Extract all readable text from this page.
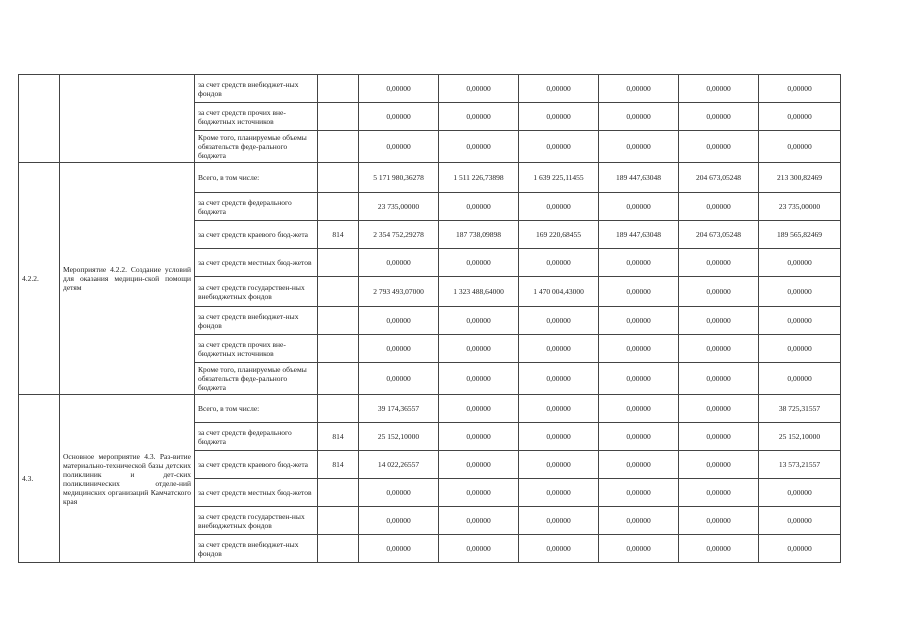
		за счет средств внебюджет-ных фондов		0,00000	0,00000	0,00000	0,00000	0,00000	0,00000
		за счет средств прочих вне-бюджетных источников		0,00000	0,00000	0,00000	0,00000	0,00000	0,00000
		Кроме того, планируемые объемы обязательств феде-рального бюджета		0,00000	0,00000	0,00000	0,00000	0,00000	0,00000
4.2.2.	Мероприятие 4.2.2. Создание условий для оказания медицин-ской помощи детям	Всего, в том числе:		5 171 980,36278	1 511 226,73898	1 639 225,11455	189 447,63048	204 673,05248	213 300,82469
		за счет средств федерального бюджета		23 735,00000	0,00000	0,00000	0,00000	0,00000	23 735,00000
		за счет средств краевого бюд-жета	814	2 354 752,29278	187 738,09898	169 220,68455	189 447,63048	204 673,05248	189 565,82469
		за счет средств местных бюд-жетов		0,00000	0,00000	0,00000	0,00000	0,00000	0,00000
		за счет средств государствен-ных внебюджетных фондов		2 793 493,07000	1 323 488,64000	1 470 004,43000	0,00000	0,00000	0,00000
		за счет средств внебюджет-ных фондов		0,00000	0,00000	0,00000	0,00000	0,00000	0,00000
		за счет средств прочих вне-бюджетных источников		0,00000	0,00000	0,00000	0,00000	0,00000	0,00000
		Кроме того, планируемые объемы обязательств феде-рального бюджета		0,00000	0,00000	0,00000	0,00000	0,00000	0,00000
4.3.	Основное мероприятие 4.3. Раз-витие материально-технической базы детских поликлиник и дет-ских поликлинических отделе-ний медицинских организаций Камчатского края	Всего, в том числе:		39 174,36557	0,00000	0,00000	0,00000	0,00000	38 725,31557
		за счет средств федерального бюджета	814	25 152,10000	0,00000	0,00000	0,00000	0,00000	25 152,10000
		за счет средств краевого бюд-жета	814	14 022,26557	0,00000	0,00000	0,00000	0,00000	13 573,21557
		за счет средств местных бюд-жетов		0,00000	0,00000	0,00000	0,00000	0,00000	0,00000
		за счет средств государствен-ных внебюджетных фондов		0,00000	0,00000	0,00000	0,00000	0,00000	0,00000
		за счет средств внебюджет-ных фондов		0,00000	0,00000	0,00000	0,00000	0,00000	0,00000
